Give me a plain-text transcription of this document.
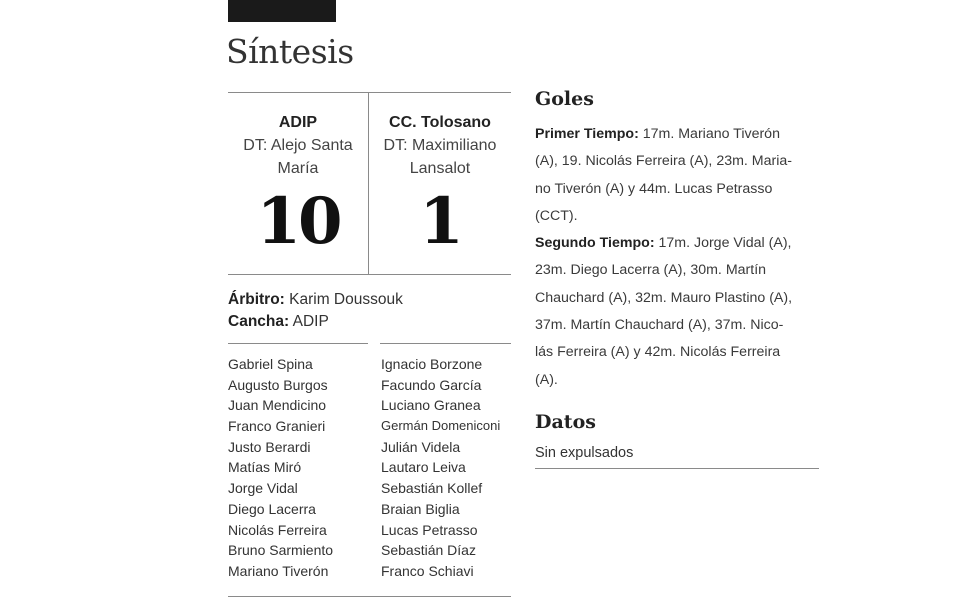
Síntesis
ADIP
DT: Alejo Santa
María
CC. Tolosano
DT: Maximiliano
Lansalot
10	1
Árbitro: Karim Doussouk
Cancha: ADIP
Gabriel Spina
Augusto Burgos
Juan Mendicino
Franco Granieri
Justo Berardi
Matías Miró
Jorge Vidal
Diego Lacerra
Nicolás Ferreira
Bruno Sarmiento
Mariano Tiverón
Ignacio Borzone
Facundo García
Luciano Granea
Germán Domeniconi
Julián Videla
Lautaro Leiva
Sebastián Kollef
Braian Biglia
Lucas Petrasso
Sebastián Díaz
Franco Schiavi
Goles
Primer Tiempo: 17m. Mariano Tiverón
(A), 19. Nicolás Ferreira (A), 23m. Maria-
no Tiverón (A) y 44m. Lucas Petrasso
(CCT).
Segundo Tiempo: 17m. Jorge Vidal (A),
23m. Diego Lacerra (A), 30m. Martín
Chauchard (A), 32m. Mauro Plastino (A),
37m. Martín Chauchard (A), 37m. Nico-
lás Ferreira (A) y 42m. Nicolás Ferreira
(A).
Datos
Sin expulsados
